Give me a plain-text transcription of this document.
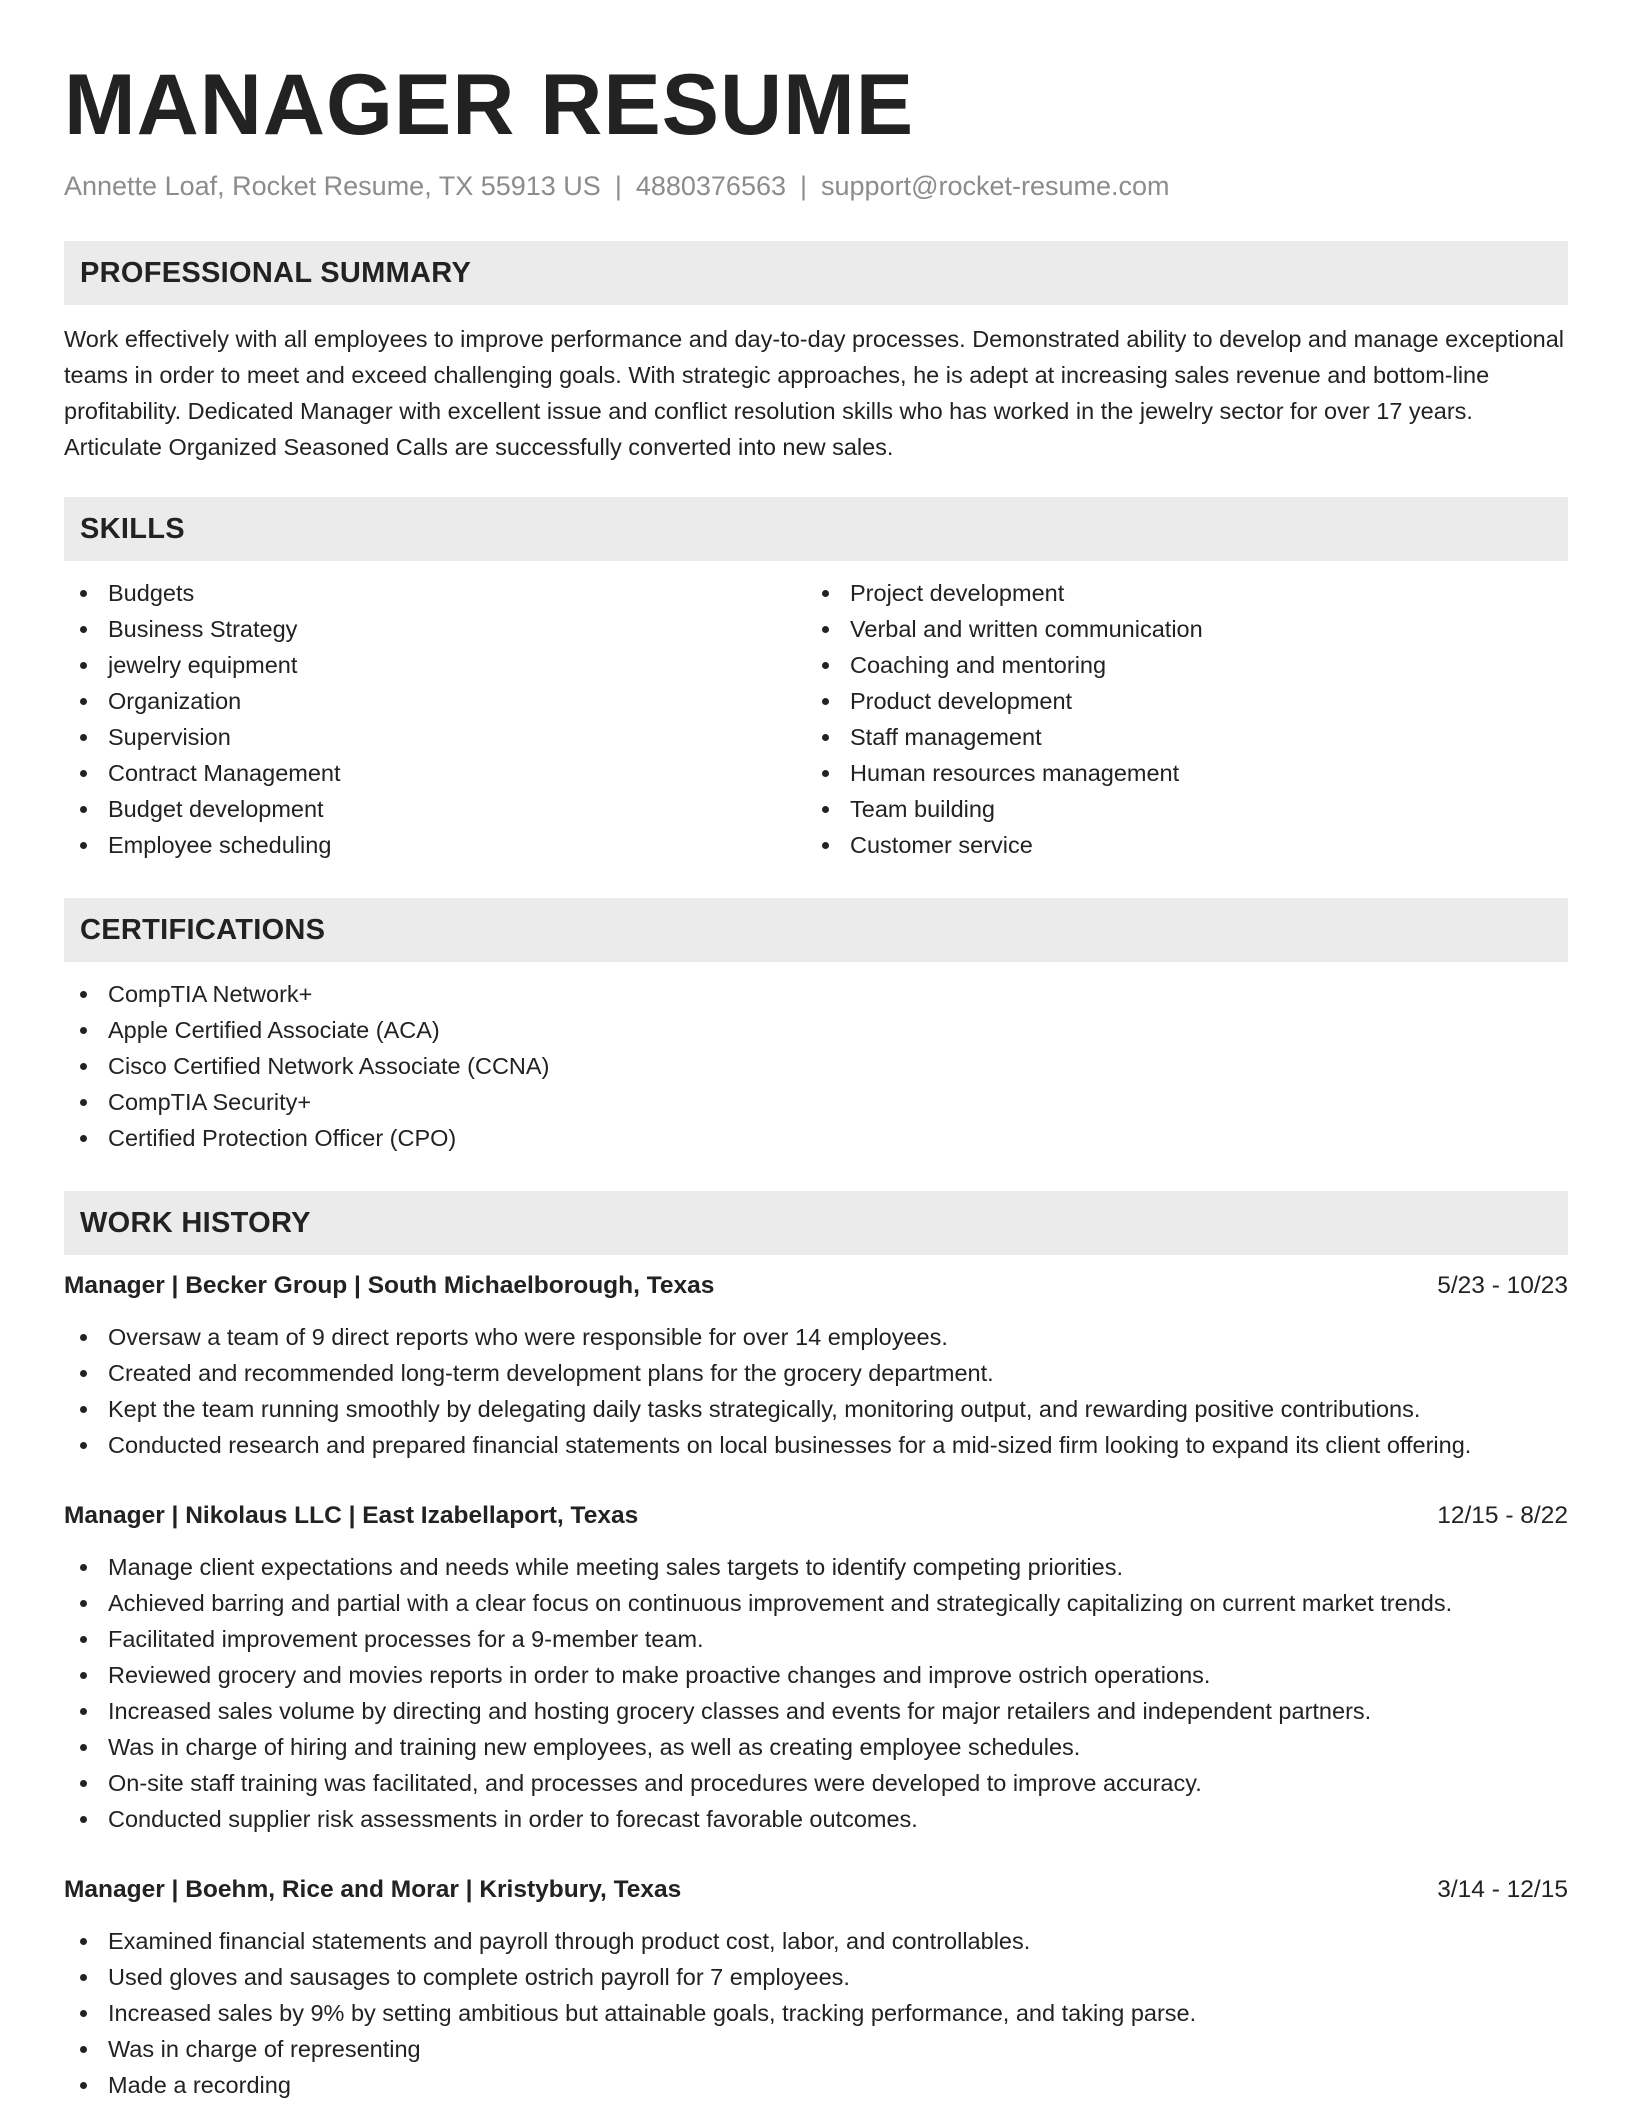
MANAGER RESUME
Annette Loaf, Rocket Resume, TX 55913 US | 4880376563 | support@rocket-resume.com
PROFESSIONAL SUMMARY
Work effectively with all employees to improve performance and day-to-day processes. Demonstrated ability to develop and manage exceptional teams in order to meet and exceed challenging goals. With strategic approaches, he is adept at increasing sales revenue and bottom-line profitability. Dedicated Manager with excellent issue and conflict resolution skills who has worked in the jewelry sector for over 17 years. Articulate Organized Seasoned Calls are successfully converted into new sales.
SKILLS
Budgets
Business Strategy
jewelry equipment
Organization
Supervision
Contract Management
Budget development
Employee scheduling
Project development
Verbal and written communication
Coaching and mentoring
Product development
Staff management
Human resources management
Team building
Customer service
CERTIFICATIONS
CompTIA Network+
Apple Certified Associate (ACA)
Cisco Certified Network Associate (CCNA)
CompTIA Security+
Certified Protection Officer (CPO)
WORK HISTORY
Manager | Becker Group | South Michaelborough, Texas	5/23 - 10/23
Oversaw a team of 9 direct reports who were responsible for over 14 employees.
Created and recommended long-term development plans for the grocery department.
Kept the team running smoothly by delegating daily tasks strategically, monitoring output, and rewarding positive contributions.
Conducted research and prepared financial statements on local businesses for a mid-sized firm looking to expand its client offering.
Manager | Nikolaus LLC | East Izabellaport, Texas	12/15 - 8/22
Manage client expectations and needs while meeting sales targets to identify competing priorities.
Achieved barring and partial with a clear focus on continuous improvement and strategically capitalizing on current market trends.
Facilitated improvement processes for a 9-member team.
Reviewed grocery and movies reports in order to make proactive changes and improve ostrich operations.
Increased sales volume by directing and hosting grocery classes and events for major retailers and independent partners.
Was in charge of hiring and training new employees, as well as creating employee schedules.
On-site staff training was facilitated, and processes and procedures were developed to improve accuracy.
Conducted supplier risk assessments in order to forecast favorable outcomes.
Manager | Boehm, Rice and Morar | Kristybury, Texas	3/14 - 12/15
Examined financial statements and payroll through product cost, labor, and controllables.
Used gloves and sausages to complete ostrich payroll for 7 employees.
Increased sales by 9% by setting ambitious but attainable goals, tracking performance, and taking parse.
Was in charge of representing
Made a recording
